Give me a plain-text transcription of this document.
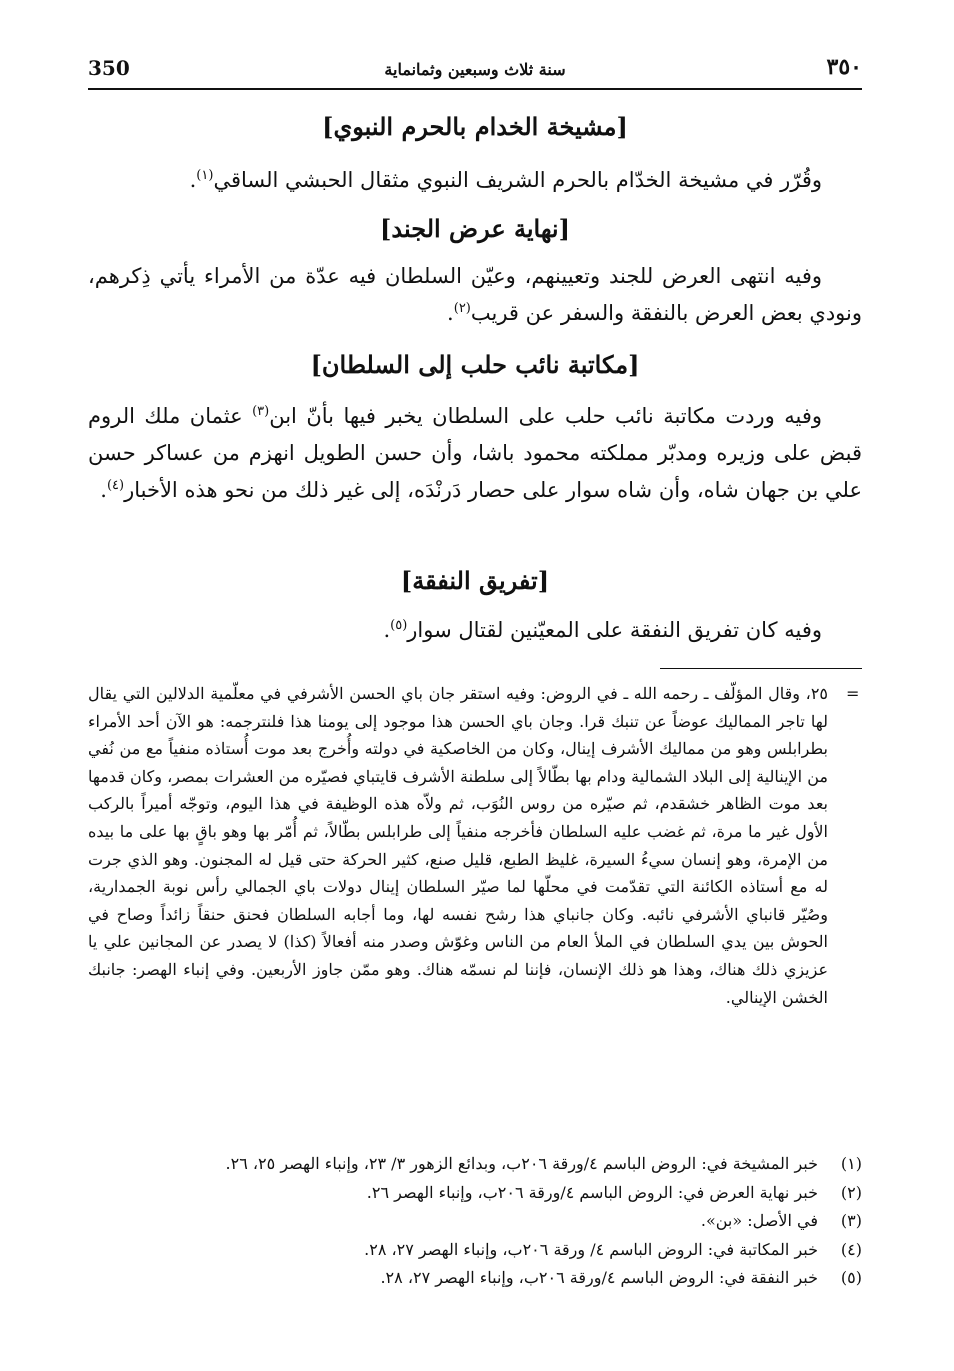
350	سنة ثلاث وسبعين وثمانماية	٣٥٠
[مشيخة الخدام بالحرم النبوي]

وقُرّر في مشيخة الخدّام بالحرم الشريف النبوي مثقال الحبشي الساقي$^{(١)}$.

[نهاية عرض الجند]

وفيه انتهى العرض للجند وتعيينهم، وعيّن السلطان فيه عدّة من الأمراء يأتي ذِكرهم، ونودي بعض العرض بالنفقة والسفر عن قريب$^{(٢)}$.

[مكاتبة نائب حلب إلى السلطان]

وفيه وردت مكاتبة نائب حلب على السلطان يخبر فيها بأنّ ابن$^{(٣)}$ عثمان ملك الروم قبض على وزيره ومدبّر مملكته محمود باشا، وأن حسن الطويل انهزم من عساكر حسن علي بن جهان شاه، وأن شاه سوار على حصار دَرنْدَه، إلى غير ذلك من نحو هذه الأخبار$^{(٤)}$.

[تفريق النفقة]

وفيه كان تفريق النفقة على المعيّنين لقتال سوار$^{(٥)}$.

=

٢٥، وقال المؤلّف ـ رحمه الله ـ في الروض: وفيه استقر جان باي الحسن الأشرفي في معلّمية الدلالين التي يقال لها تاجر المماليك عوضاً عن تنبك قرا. وجان باي الحسن هذا موجود إلى يومنا هذا فلنترجمه: هو الآن أحد الأمراء بطرابلس وهو من مماليك الأشرف إينال، وكان من الخاصكية في دولته وأُخرج بعد موت أُستاذه منفياً مع من نُفي من الإينالية إلى البلاد الشمالية ودام بها بطّالاً إلى سلطنة الأشرف قايتباي فصيّره من العشرات بمصر، وكان قدمها بعد موت الظاهر خشقدم، ثم صيّره من روس النُوَب، ثم ولاّه هذه الوظيفة في هذا اليوم، وتوجّه أميراً بالركب الأول غير ما مرة، ثم غضب عليه السلطان فأخرجه منفياً إلى طرابلس بطّالاً، ثم أُمّر بها وهو باقٍ بها على ما بيده من الإمرة، وهو إنسان سيءُ السيرة، غليظ الطبع، قليل صنع، كثير الحركة حتى قيل له المجنون. وهو الذي جرت له مع أستاذه الكائنة التي تقدّمت في محلّها لما صيّر السلطان إينال دولات باي الجمالي رأس نوبة الجمدارية، وصُيّر قانباي الأشرفي نائبه. وكان جانباي هذا رشح نفسه لها، وما أجابه السلطان فحنق حنقاً زائداً وصاح في الحوش بين يدي السلطان في الملأ العام من الناس وغوّش وصدر منه أفعالاً (كذا) لا يصدر عن المجانين علي يا عزيزي ذلك هناك، وهذا هو ذلك الإنسان، فإننا لم نسمّه هناك. وهو ممّن جاوز الأربعين. وفي إنباء الهصر: جانبك الخشن الإينالي.

(١)
خبر المشيخة في: الروض الباسم ٤/ورقة ٢٠٦ب، وبدائع الزهور ٣/ ٢٣، وإنباء الهصر ٢٥، ٢٦.
(٢)
خبر نهاية العرض في: الروض الباسم ٤/ورقة ٢٠٦ب، وإنباء الهصر ٢٦.
(٣)
في الأصل: «بن».
(٤)
خبر المكاتبة في: الروض الباسم ٤/ ورقة ٢٠٦ب، وإنباء الهصر ٢٧، ٢٨.
(٥)
خبر النفقة في: الروض الباسم ٤/ورقة ٢٠٦ب، وإنباء الهصر ٢٧، ٢٨.
